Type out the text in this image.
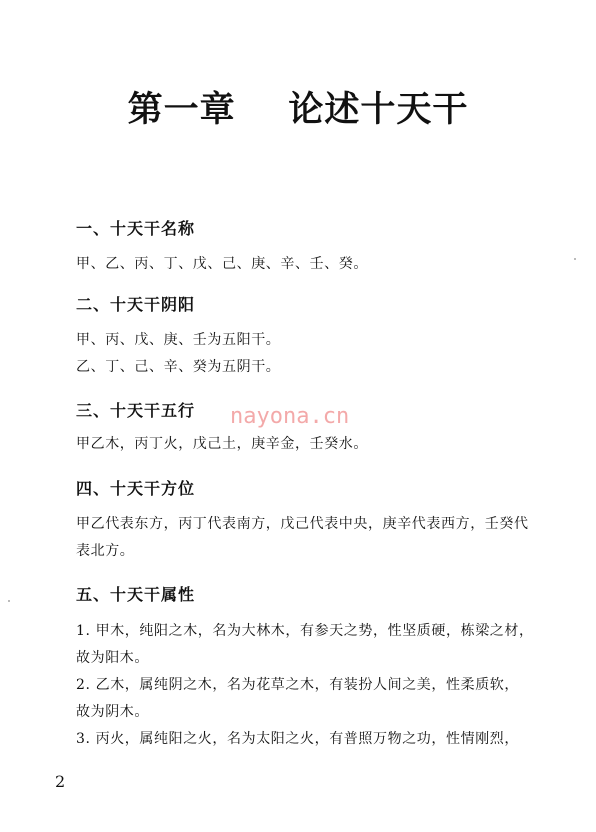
第一章    论述十天干
一、十天干名称
甲、乙、丙、丁、戊、己、庚、辛、壬、癸。
二、十天干阴阳
甲、丙、戊、庚、壬为五阳干。
乙、丁、己、辛、癸为五阴干。
三、十天干五行
甲乙木，丙丁火，戊己土，庚辛金，壬癸水。
四、十天干方位
甲乙代表东方，丙丁代表南方，戊己代表中央，庚辛代表西方，壬癸代
表北方。
五、十天干属性
1. 甲木，纯阳之木，名为大林木，有参天之势，性坚质硬，栋梁之材，
故为阳木。
2. 乙木，属纯阴之木，名为花草之木，有装扮人间之美，性柔质软，
故为阴木。
3. 丙火，属纯阳之火，名为太阳之火，有普照万物之功，性情刚烈，
nayona.cn
2
